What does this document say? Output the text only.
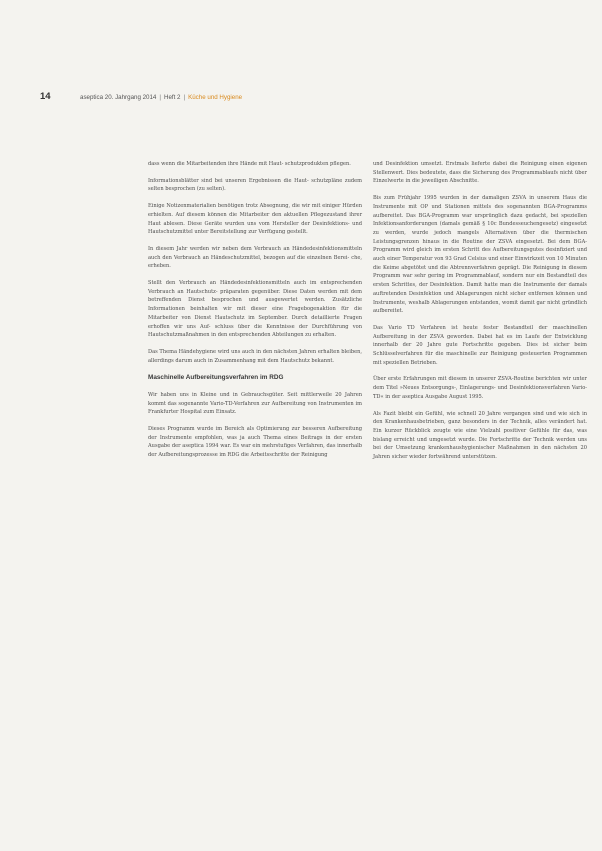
14	aseptica 20. Jahrgang 2014 | Heft 2 | Küche und Hygiene

dass wenn die Mitarbeitenden ihre Hände mit Haut- schutzprodukten pflegen.

Informationsblätter sind bei unseren Ergebnissen die Haut- schutzpläne zudem selten besprochen (zu selten).

Einige Notizenmaterialien benötigen trotz Absegnung, die wir mit einiger Hürden erhielten. Auf diesem können die Mitarbeiter den aktuellen Pflegezustand ihrer Haut ablesen. Diese Geräte wurden uns vom Hersteller der Desinfektions- und Hautschutzmittel unter Bereitstellung zur Verfügung gestellt.

In diesem Jahr werden wir neben dem Verbrauch an Händedesinfektionsmitteln auch den Verbrauch an Händeschutzmittel, bezogen auf die einzelnen Berei- che, erheben.

Stellt den Verbrauch an Händedesinfektionsmitteln auch im entsprechenden Verbrauch an Hautschutz- präparaten gegenüber. Diese Daten werden mit dem betreffenden Dienst besprochen und ausgewertet werden. Zusätzliche Informationen beinhalten wir mit dieser eine Fragebogenaktion für die Mitarbeiter von Dienst Hautschutz im September. Durch detaillierte Fragen erhoffen wir uns Auf- schluss über die Kenntnisse der Durchführung von Hautschutzmaßnahmen in den entsprechenden Abteilungen zu erhalten.

Das Thema Händehygiene wird uns auch in den nächsten Jahren erhalten bleiben, allerdings darum auch in Zusammenhang mit dem Hautschutz bekannt.

Maschinelle Aufbereitungsverfahren im RDG

Wir haben uns in Kleine und in Gebrauchsgüter. Seit mittlerweile 20 Jahren kommt das sogenannte Vario-TD-Verfahren zur Aufbereitung von Instrumenten im Frankfurter Hospital zum Einsatz.

Dieses Programm wurde im Bereich als Optimierung zur besseren Aufbereitung der Instrumente empfohlen, was ja auch Thema eines Beitrags in der ersten Ausgabe der aseptica 1994 war. Es war ein mehrstufiges Verfahren, das innerhalb der Aufbereitungsprozesse im RDG die Arbeitsschritte der Reinigung

und Desinfektion umsetzt. Erstmals lieferte dabei die Reinigung einen eigenen Stellenwert. Dies bedeutete, dass die Sicherung des Programmablaufs nicht über Einzelwerte in die jeweiligen Abschnitte.

Bis zum Frühjahr 1995 wurden in der damaligen ZSVA in unserem Haus die Instrumente mit OP und Stationen mittels des sogenannten BGA-Programms aufbereitet. Das BGA-Programm war ursprünglich dazu gedacht, bei speziellen Infektionsanforderungen (damals gemäß § 10c Bundesseuchengesetz) eingesetzt zu werden, wurde jedoch mangels Alternativen über die thermischen Leistungsgrenzen hinaus in die Routine der ZSVA eingesetzt. Bei dem BGA-Programm wird gleich im ersten Schritt des Aufbereitungsgutes desinfiziert und auch einer Temperatur von 93 Grad Celsius und einer Einwirkzeit von 10 Minuten die Keime abgetötet und die Abtrennverfahren geprägt. Die Reinigung in diesem Programm war sehr gering im Programmablauf, sondern nur ein Bestandteil des ersten Schrittes, der Desinfektion. Damit hatte man die Instrumente der damals auftretenden Desinfektion und Ablagerungen nicht sicher entfernen können und Instrumente, weshalb Ablagerungen entstanden, womit damit gar nicht gründlich aufbereitet.

Das Vario TD Verfahren ist heute fester Bestandteil der maschinellen Aufbereitung in der ZSVA geworden. Dabei hat es im Laufe der Entwicklung innerhalb der 20 Jahre gute Fortschritte gegeben. Dies ist sicher beim Schlüsselverfahren für die maschinelle zur Reinigung gesteuerten Programmen mit speziellen Betrieben.

Über erste Erfahrungen mit diesem in unserer ZSVA-Routine berichten wir unter dem Titel »Neues Entsorgungs-, Einlagerungs- und Desinfektionsverfahren Vario-TD« in der aseptica Ausgabe August 1995.

Als Fazit bleibt ein Gefühl, wie schnell 20 Jahre vergangen sind und wie sich in den Krankenhausbetrieben, ganz besonders in der Technik, alles verändert hat. Ein kurzer Rückblick zeugte wie eine Vielzahl positiver Gefühle für das, was bislang erreicht und umgesetzt wurde. Die Fortschritte der Technik werden uns bei der Umsetzung krankenhaushygienischer Maßnahmen in den nächsten 20 Jahren sicher wieder fortwährend unterstützen.
